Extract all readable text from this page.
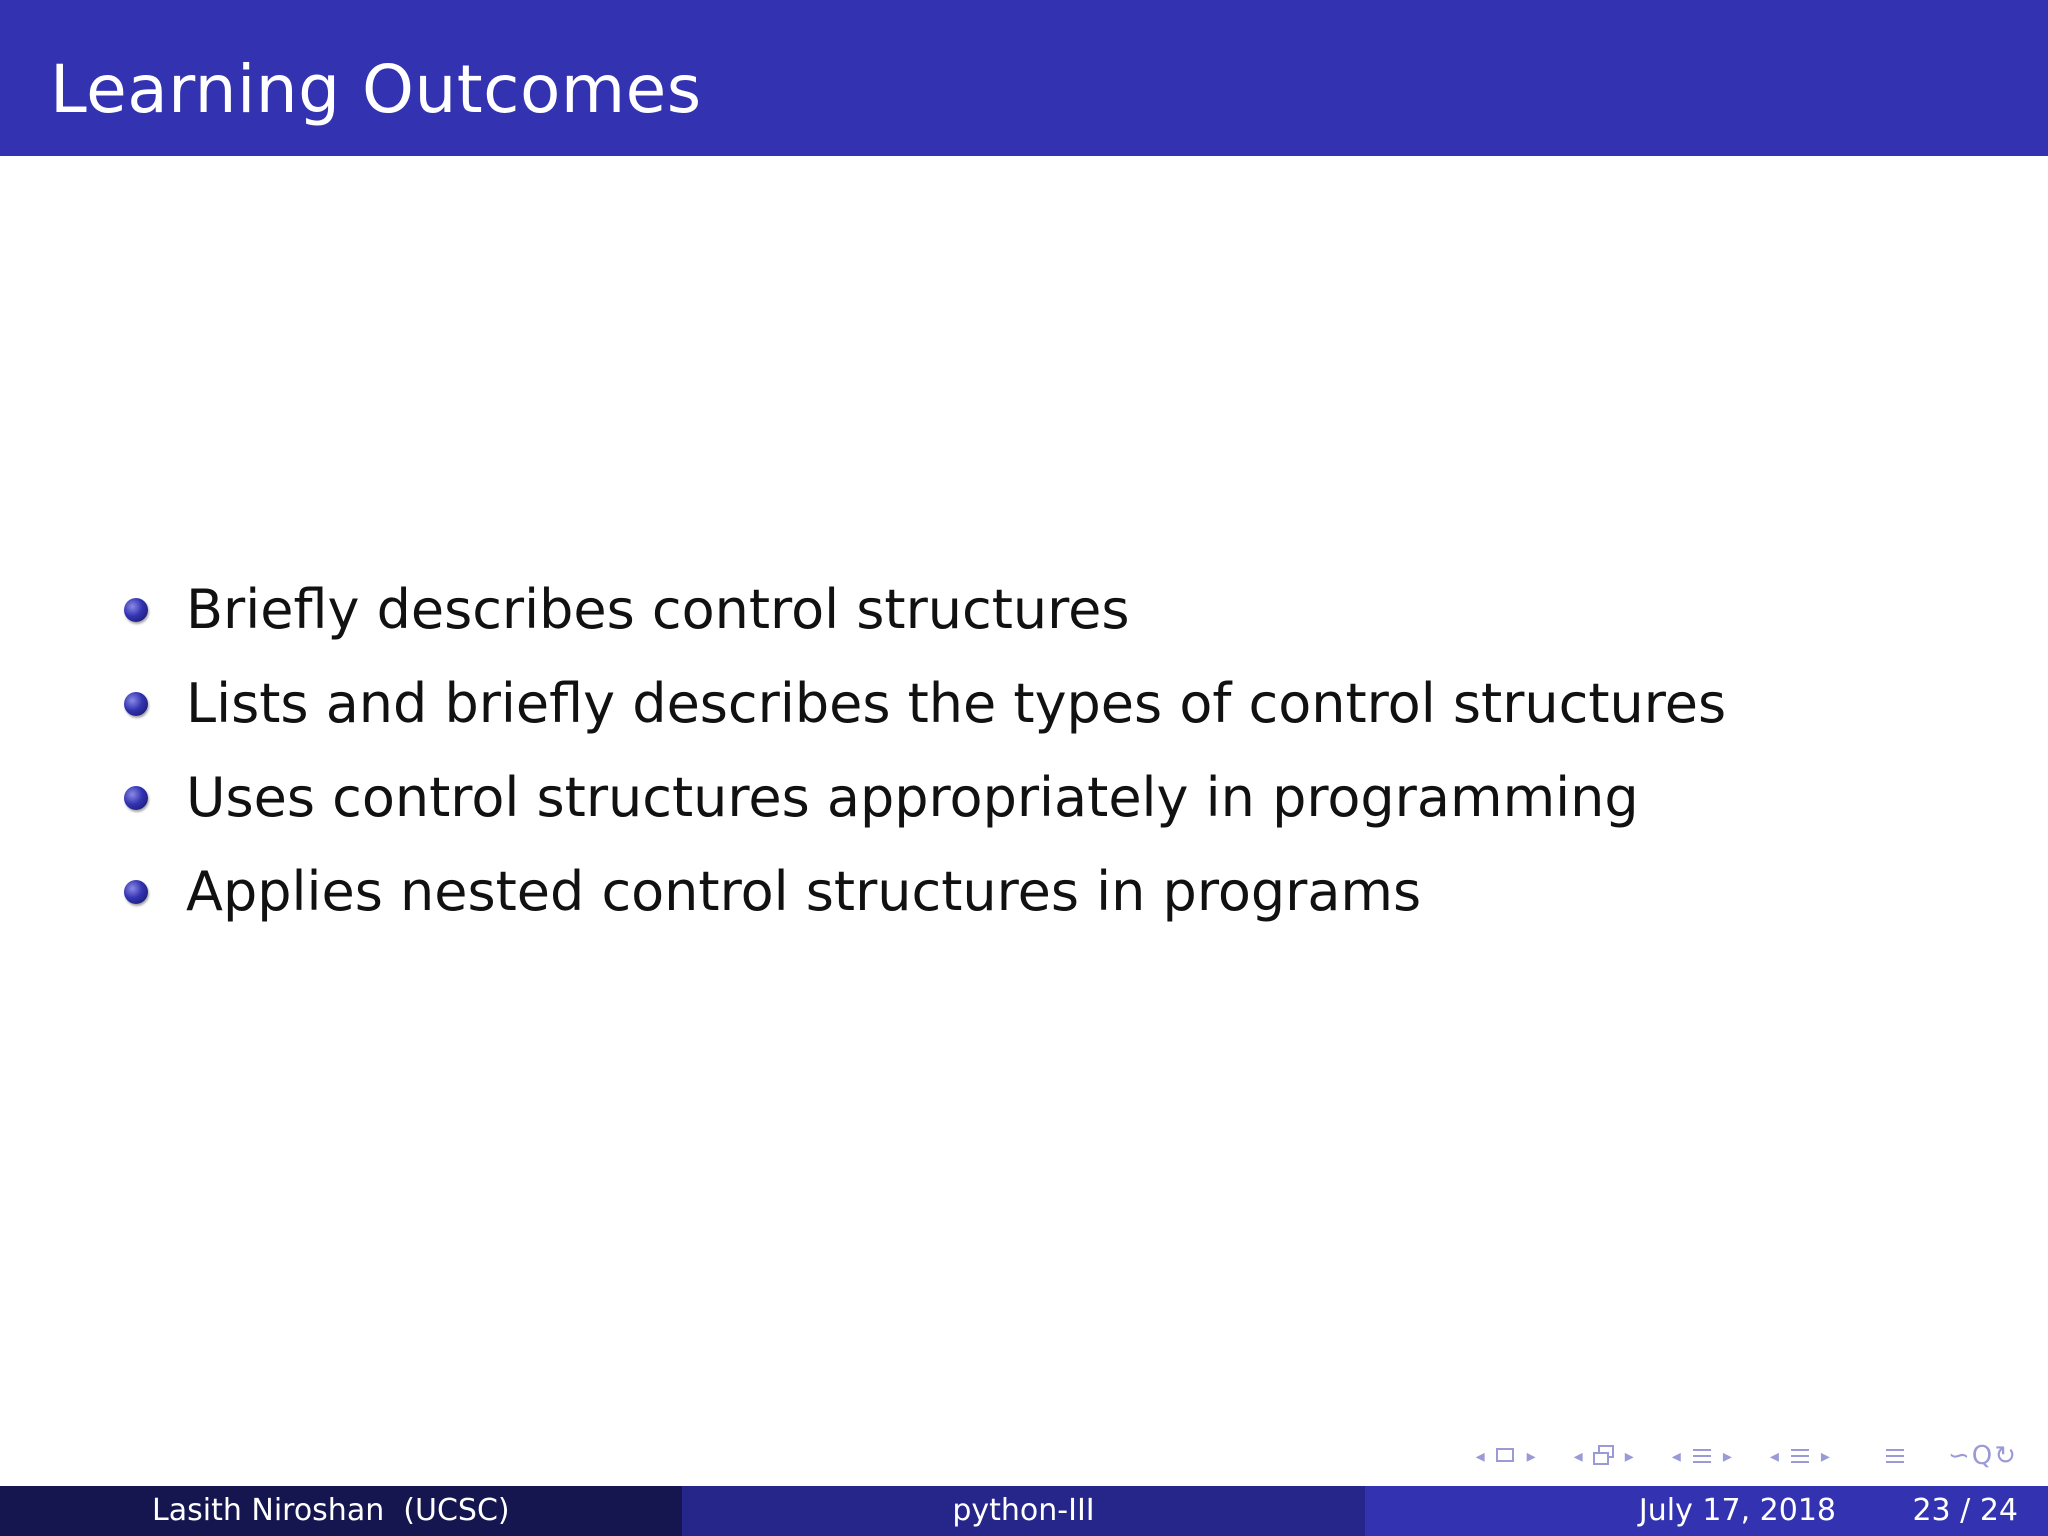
Learning Outcomes
Briefly describes control structures
Lists and briefly describes the types of control structures
Uses control structures appropriately in programming
Applies nested control structures in programs
◂ ▸ ◂ ▸ ◂ ▸ ◂ ▸	∽Q↻
Lasith Niroshan  (UCSC)	python-III	July 17, 2018	23 / 24
